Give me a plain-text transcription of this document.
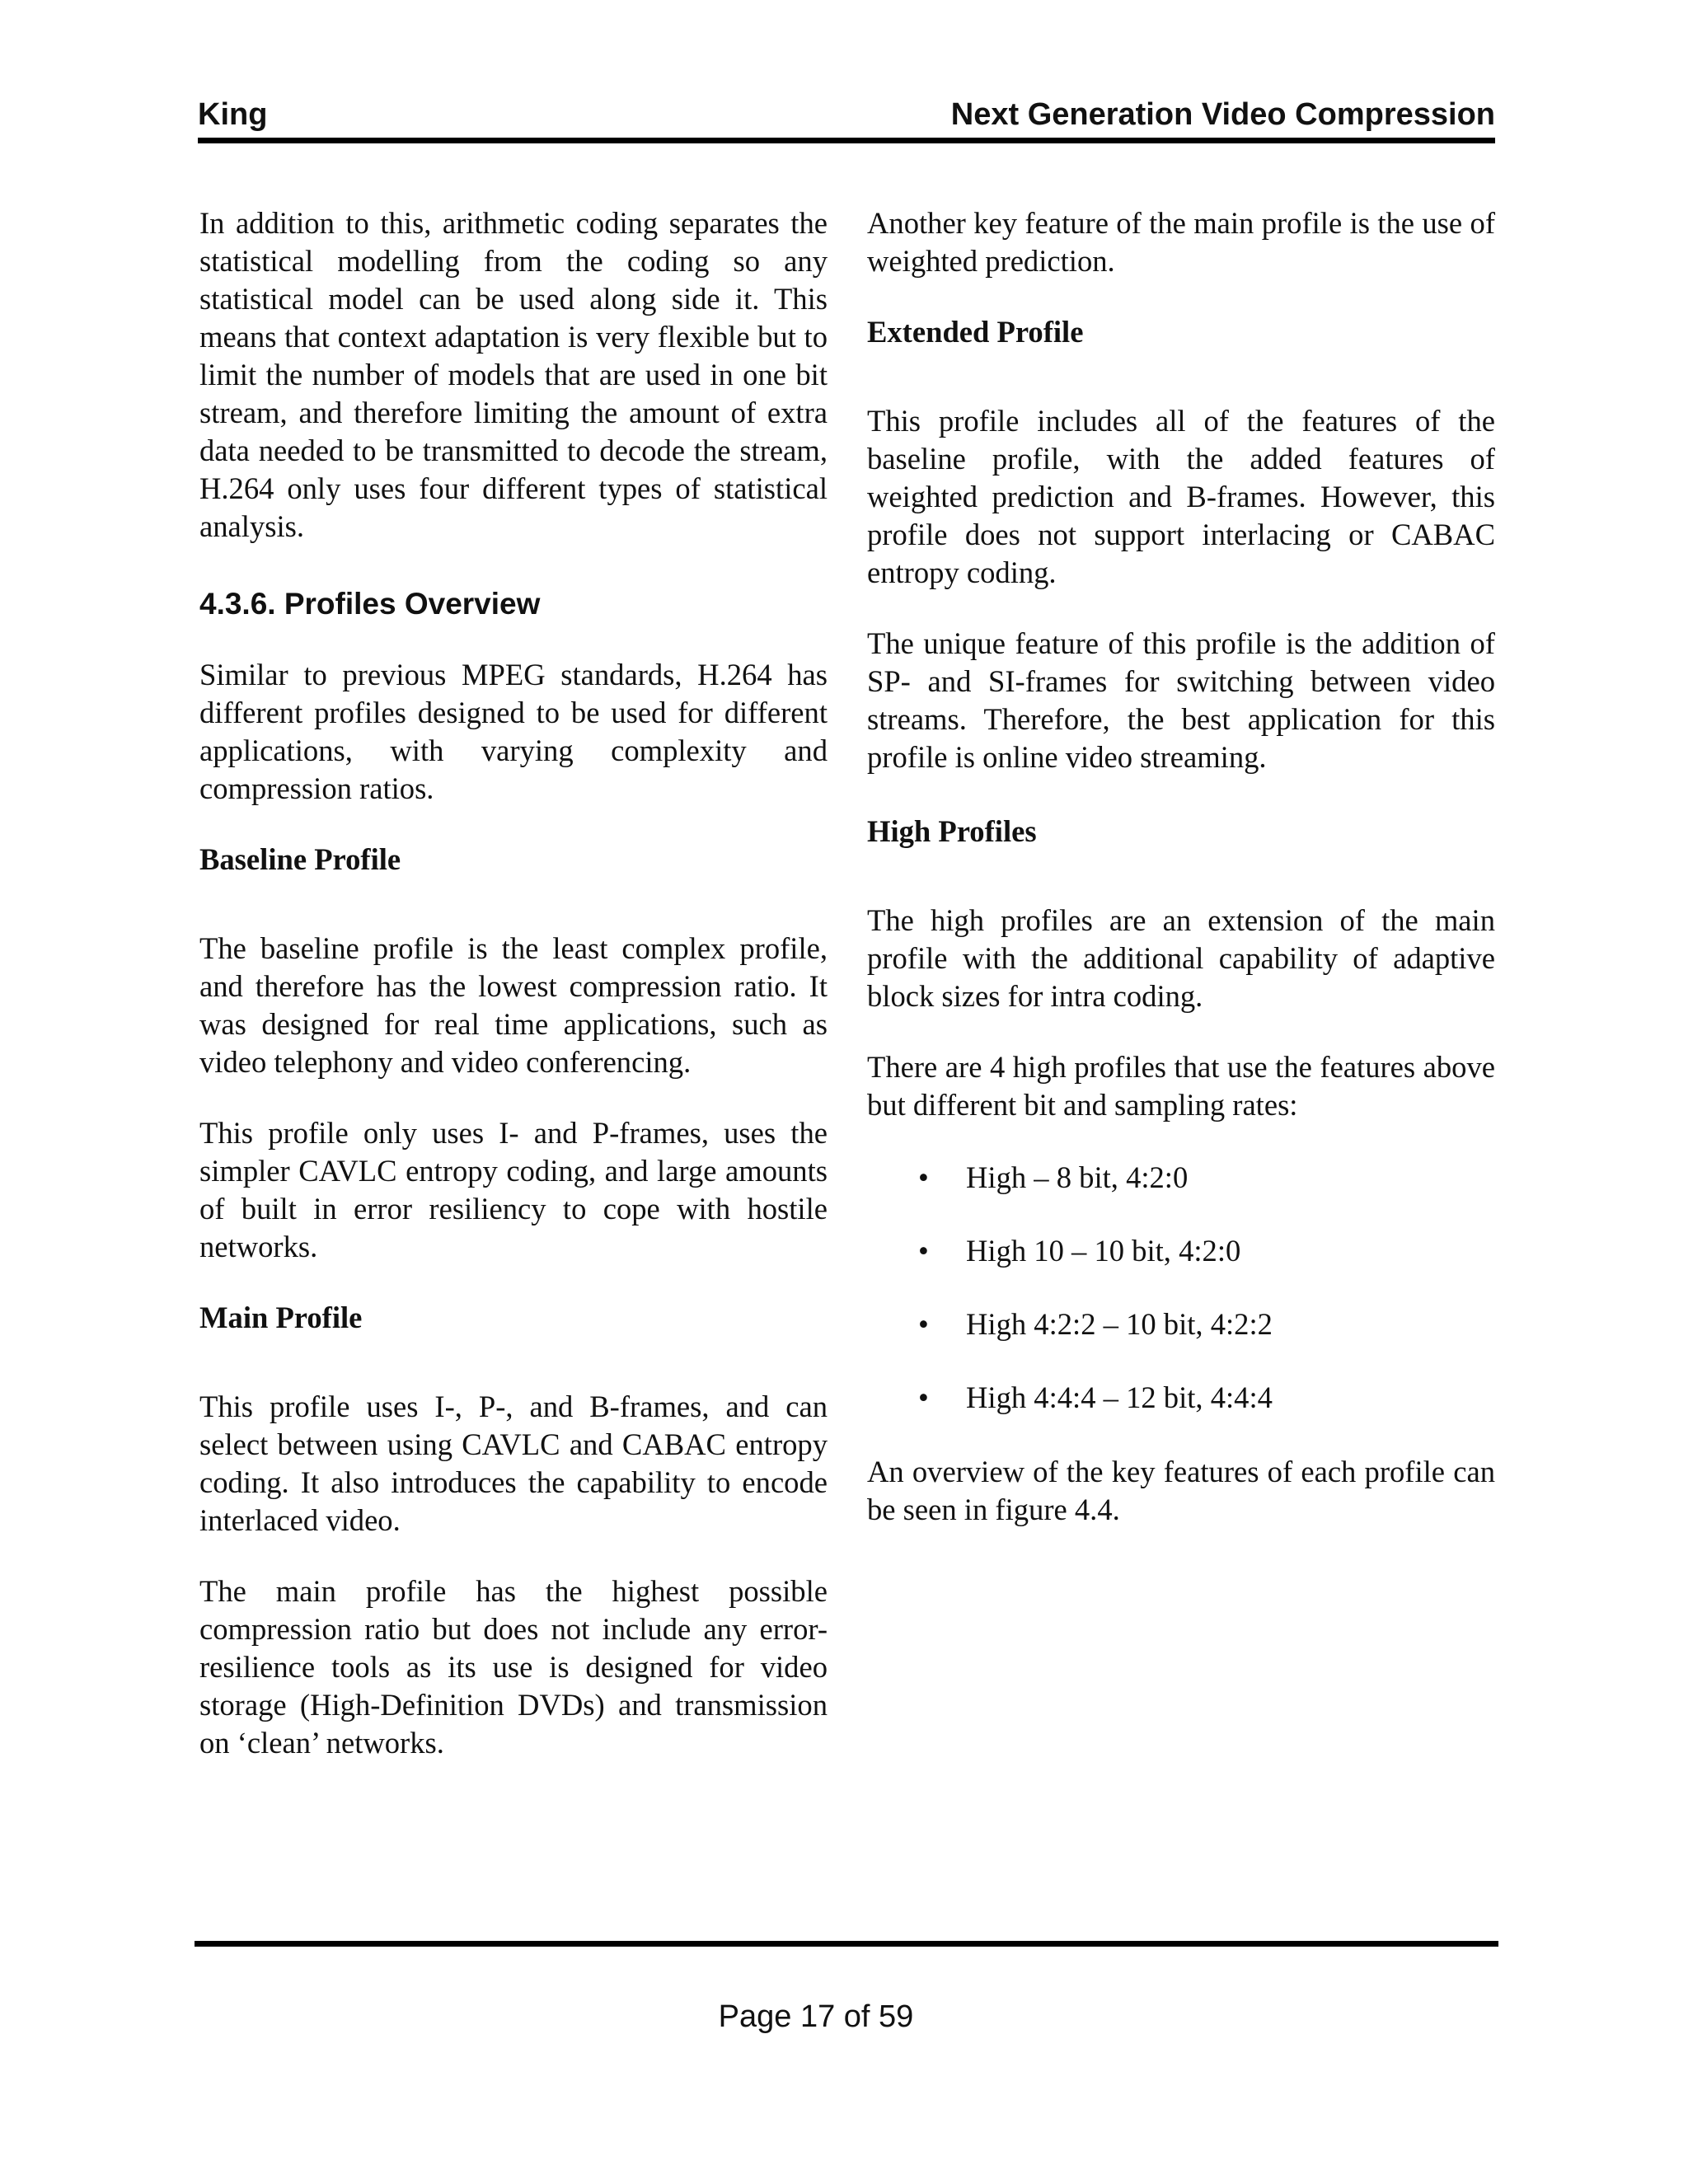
King	Next Generation Video Compression

In addition to this, arithmetic coding separates the statistical modelling from the coding so any statistical model can be used along side it. This means that context adaptation is very flexible but to limit the number of models that are used in one bit stream, and therefore limiting the amount of extra data needed to be transmitted to decode the stream, H.264 only uses four different types of statistical analysis.

4.3.6. Profiles Overview

Similar to previous MPEG standards, H.264 has different profiles designed to be used for different applications, with varying complexity and compression ratios.

Baseline Profile

The baseline profile is the least complex profile, and therefore has the lowest compression ratio. It was designed for real time applications, such as video telephony and video conferencing.

This profile only uses I- and P-frames, uses the simpler CAVLC entropy coding, and large amounts of built in error resiliency to cope with hostile networks.

Main Profile

This profile uses I-, P-, and B-frames, and can select between using CAVLC and CABAC entropy coding. It also introduces the capability to encode interlaced video.

The main profile has the highest possible compression ratio but does not include any error-resilience tools as its use is designed for video storage (High-Definition DVDs) and transmission on ‘clean’ networks.

Another key feature of the main profile is the use of weighted prediction.

Extended Profile

This profile includes all of the features of the baseline profile, with the added features of weighted prediction and B-frames. However, this profile does not support interlacing or CABAC entropy coding.

The unique feature of this profile is the addition of SP- and SI-frames for switching between video streams. Therefore, the best application for this profile is online video streaming.

High Profiles

The high profiles are an extension of the main profile with the additional capability of adaptive block sizes for intra coding.

There are 4 high profiles that use the features above but different bit and sampling rates:

• High – 8 bit, 4:2:0
• High 10 – 10 bit, 4:2:0
• High 4:2:2 – 10 bit, 4:2:2
• High 4:4:4 – 12 bit, 4:4:4

An overview of the key features of each profile can be seen in figure 4.4.

Page 17 of 59
